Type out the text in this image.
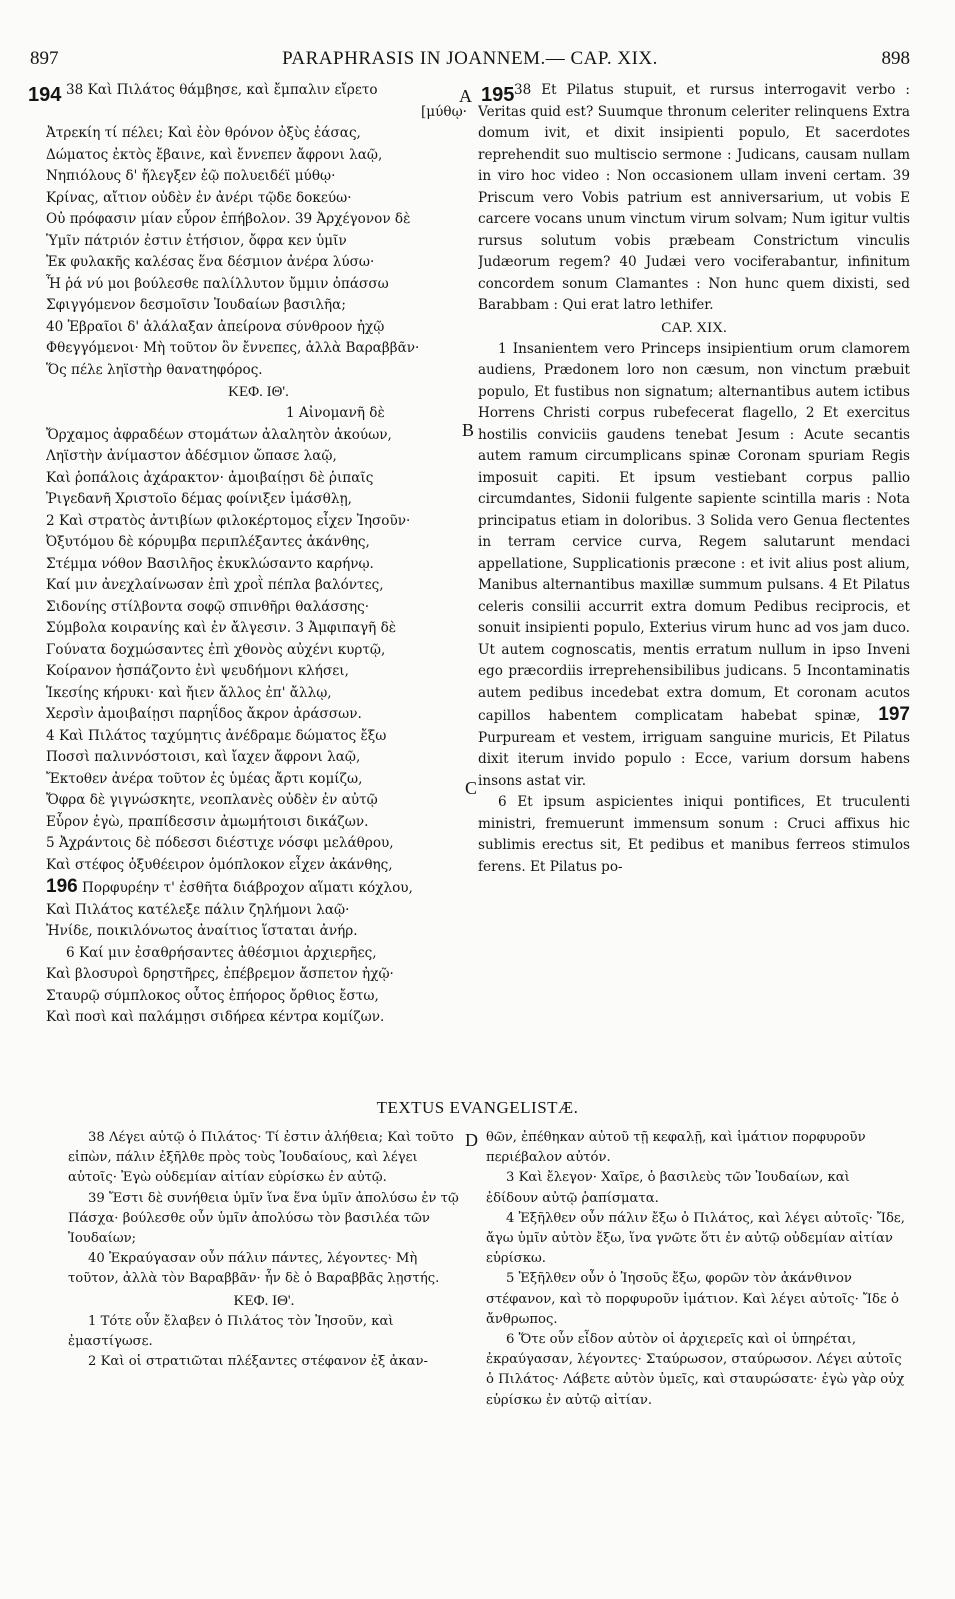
897	PARAPHRASIS IN JOANNEM.— CAP. XIX.	898
194	195
A
B
C
D
38 Καὶ Πιλάτος θάμβησε, καὶ ἔμπαλιν εἴρετο
[μύθῳ·
Ἀτρεκίη τί πέλει; Καὶ ἐὸν θρόνον ὀξὺς ἐάσας,
Δώματος ἐκτὸς ἔβαινε, καὶ ἔννεπεν ἄφρονι λαῷ,
Νηπιόλους δ' ἤλεγξεν ἐῷ πολυειδέϊ μύθῳ·
Κρίνας, αἴτιον οὐδὲν ἐν ἀνέρι τῷδε δοκεύω·
Οὐ πρόφασιν μίαν εὗρον ἐπήβολον. 39 Ἀρχέγονον δὲ
Ὑμῖν πάτριόν ἐστιν ἐτήσιον, ὄφρα κεν ὑμῖν
Ἐκ φυλακῆς καλέσας ἕνα δέσμιον ἀνέρα λύσω·
Ἦ ῥά νύ μοι βούλεσθε παλίλλυτον ὔμμιν ὀπάσσω
Σφιγγόμενον δεσμοῖσιν Ἰουδαίων βασιλῆα;
40 Ἑβραῖοι δ' ἀλάλαξαν ἀπείρονα σύνθροον ἠχῷ
Φθεγγόμενοι· Μὴ τοῦτον ὃν ἔννεπες, ἀλλὰ Βαραββᾶν·
Ὅς πέλε ληϊστὴρ θανατηφόρος.
ΚΕΦ. ΙΘ'.
1 Αἰνομανῆ δὲ
Ὄρχαμος ἀφραδέων στομάτων ἀλαλητὸν ἀκούων,
Ληϊστὴν ἀνίμαστον ἀδέσμιον ὤπασε λαῷ,
Καὶ ῥοπάλοις ἀχάρακτον· ἀμοιβαίῃσι δὲ ῥιπαῖς
Ῥιγεδανῆ Χριστοῖο δέμας φοίνιξεν ἱμάσθλῃ,
2 Καὶ στρατὸς ἀντιβίων φιλοκέρτομος εἶχεν Ἰησοῦν·
Ὀξυτόμου δὲ κόρυμβα περιπλέξαντες ἀκάνθης,
Στέμμα νόθον Βασιλῆος ἐκυκλώσαντο καρήνῳ.
Καί μιν ἀνεχλαίνωσαν ἐπὶ χροῒ πέπλα βαλόντες,
Σιδονίης στίλβοντα σοφῷ σπινθῆρι θαλάσσης·
Σύμβολα κοιρανίης καὶ ἐν ἄλγεσιν. 3 Ἀμφιπαγῆ δὲ
Γούνατα δοχμώσαντες ἐπὶ χθονὸς αὐχένι κυρτῷ,
Κοίρανον ἠσπάζοντο ἐνὶ ψευδήμονι κλήσει,
Ἱκεσίης κήρυκι· καὶ ἤιεν ἄλλος ἐπ' ἄλλῳ,
Χερσὶν ἀμοιβαίῃσι παρηΐδος ἄκρον ἀράσσων.
4 Καὶ Πιλάτος ταχύμητις ἀνέδραμε δώματος ἔξω
Ποσσὶ παλιννόστοισι, καὶ ἴαχεν ἄφρονι λαῷ,
Ἔκτοθεν ἀνέρα τοῦτον ἐς ὑμέας ἄρτι κομίζω,
Ὄφρα δὲ γιγνώσκητε, νεοπλανὲς οὐδὲν ἐν αὐτῷ
Εὗρον ἐγὼ, πραπίδεσσιν ἀμωμήτοισι δικάζων.
5 Ἀχράντοις δὲ πόδεσσι διέστιχε νόσφι μελάθρου,
Καὶ στέφος ὀξυθέειρον ὁμόπλοκον εἶχεν ἀκάνθης,
196 Πορφυρέην τ' ἐσθῆτα διάβροχον αἵματι κόχλου,
Καὶ Πιλάτος κατέλεξε πάλιν ζηλήμονι λαῷ·
Ἠνίδε, ποικιλόνωτος ἀναίτιος ἵσταται ἀνήρ.
6 Καί μιν ἐσαθρήσαντες ἀθέσμιοι ἀρχιερῆες,
Καὶ βλοσυροὶ δρηστῆρες, ἐπέβρεμον ἄσπετον ἠχῷ·
Σταυρῷ σύμπλοκος οὗτος ἐπήορος ὄρθιος ἔστω,
Καὶ ποσὶ καὶ παλάμῃσι σιδήρεα κέντρα κομίζων.

38 Et Pilatus stupuit, et rursus interrogavit verbo : Veritas quid est? Suumque thronum celeriter relinquens Extra domum ivit, et dixit insipienti populo, Et sacerdotes reprehendit suo multiscio sermone : Judicans, causam nullam in viro hoc video : Non occasionem ullam inveni certam. 39 Priscum vero Vobis patrium est anniversarium, ut vobis E carcere vocans unum vinctum virum solvam; Num igitur vultis rursus solutum vobis præbeam Constrictum vinculis Judæorum regem? 40 Judæi vero vociferabantur, infinitum concordem sonum Clamantes : Non hunc quem dixisti, sed Barabbam : Qui erat latro lethifer.

CAP. XIX.

1 Insanientem vero Princeps insipientium orum clamorem audiens, Prædonem loro non cæsum, non vinctum præbuit populo, Et fustibus non signatum; alternantibus autem ictibus Horrens Christi corpus rubefecerat flagello, 2 Et exercitus hostilis conviciis gaudens tenebat Jesum : Acute secantis autem ramum circumplicans spinæ Coronam spuriam Regis imposuit capiti. Et ipsum vestiebant corpus pallio circumdantes, Sidonii fulgente sapiente scintilla maris : Nota principatus etiam in doloribus. 3 Solida vero Genua flectentes in terram cervice curva, Regem salutarunt mendaci appellatione, Supplicationis præcone : et ivit alius post alium, Manibus alternantibus maxillæ summum pulsans. 4 Et Pilatus celeris consilii accurrit extra domum Pedibus reciprocis, et sonuit insipienti populo, Exterius virum hunc ad vos jam duco. Ut autem cognoscatis, mentis erratum nullum in ipso Inveni ego præcordiis irreprehensibilibus judicans. 5 Incontaminatis autem pedibus incedebat extra domum, Et coronam acutos capillos habentem complicatam habebat spinæ, 197 Purpuream et vestem, irriguam sanguine muricis, Et Pilatus dixit iterum invido populo : Ecce, varium dorsum habens insons astat vir.

6 Et ipsum aspicientes iniqui pontifices, Et truculenti ministri, fremuerunt immensum sonum : Cruci affixus hic sublimis erectus sit, Et pedibus et manibus ferreos stimulos ferens. Et Pilatus po-

TEXTUS EVANGELISTÆ.

38 Λέγει αὐτῷ ὁ Πιλάτος· Τί ἐστιν ἀλήθεια; Καὶ τοῦτο εἰπὼν, πάλιν ἐξῆλθε πρὸς τοὺς Ἰουδαίους, καὶ λέγει αὐτοῖς· Ἐγὼ οὐδεμίαν αἰτίαν εὑρίσκω ἐν αὐτῷ.

39 Ἔστι δὲ συνήθεια ὑμῖν ἵνα ἕνα ὑμῖν ἀπολύσω ἐν τῷ Πάσχα· βούλεσθε οὖν ὑμῖν ἀπολύσω τὸν βασιλέα τῶν Ἰουδαίων;

40 Ἐκραύγασαν οὖν πάλιν πάντες, λέγοντες· Μὴ τοῦτον, ἀλλὰ τὸν Βαραββᾶν· ἦν δὲ ὁ Βαραββᾶς λῃστής.

ΚΕΦ. ΙΘ'.

1 Τότε οὖν ἔλαβεν ὁ Πιλάτος τὸν Ἰησοῦν, καὶ ἐμαστίγωσε.

2 Καὶ οἱ στρατιῶται πλέξαντες στέφανον ἐξ ἀκαν-

θῶν, ἐπέθηκαν αὐτοῦ τῇ κεφαλῇ, καὶ ἱμάτιον πορφυροῦν περιέβαλον αὐτόν.

3 Καὶ ἔλεγον· Χαῖρε, ὁ βασιλεὺς τῶν Ἰουδαίων, καὶ ἐδίδουν αὐτῷ ῥαπίσματα.

4 Ἐξῆλθεν οὖν πάλιν ἔξω ὁ Πιλάτος, καὶ λέγει αὐτοῖς· Ἴδε, ἄγω ὑμῖν αὐτὸν ἔξω, ἵνα γνῶτε ὅτι ἐν αὐτῷ οὐδεμίαν αἰτίαν εὑρίσκω.

5 Ἐξῆλθεν οὖν ὁ Ἰησοῦς ἔξω, φορῶν τὸν ἀκάνθινον στέφανον, καὶ τὸ πορφυροῦν ἱμάτιον. Καὶ λέγει αὐτοῖς· Ἴδε ὁ ἄνθρωπος.

6 Ὅτε οὖν εἶδον αὐτὸν οἱ ἀρχιερεῖς καὶ οἱ ὑπηρέται, ἐκραύγασαν, λέγοντες· Σταύρωσον, σταύρωσον. Λέγει αὐτοῖς ὁ Πιλάτος· Λάβετε αὐτὸν ὑμεῖς, καὶ σταυρώσατε· ἐγὼ γὰρ οὐχ εὑρίσκω ἐν αὐτῷ αἰτίαν.
